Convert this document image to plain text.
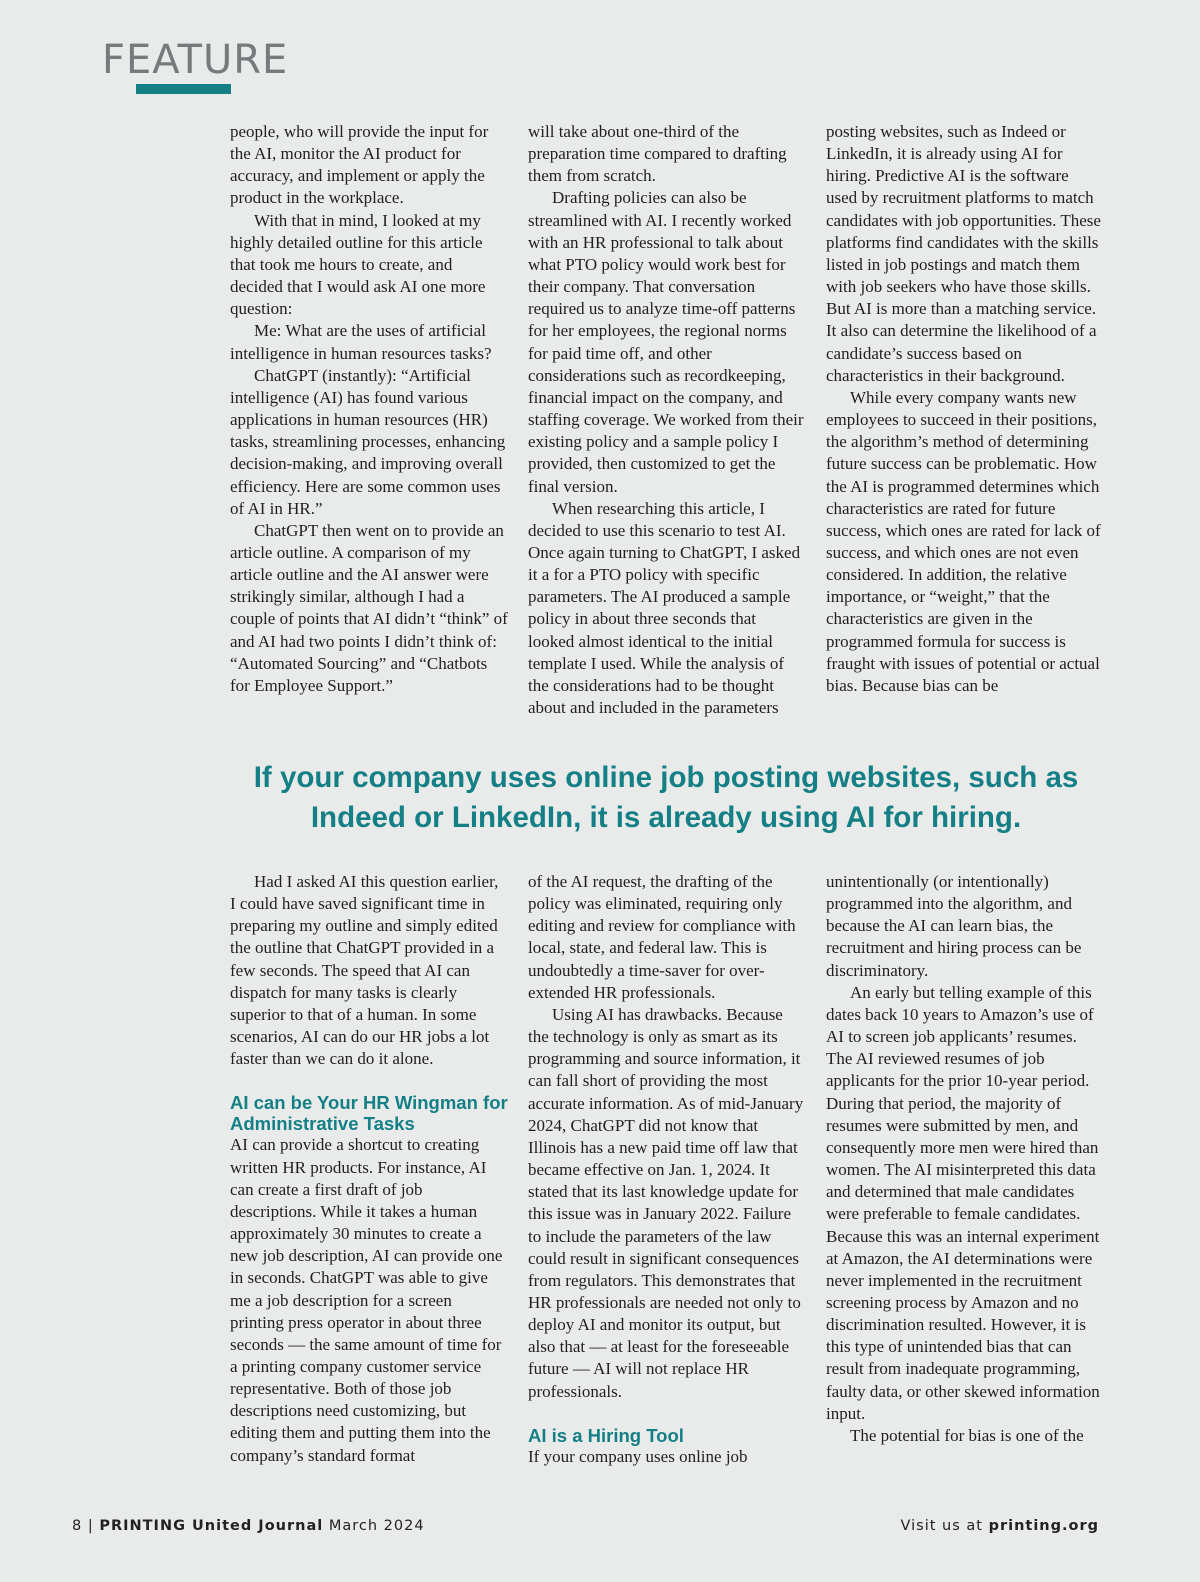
FEATURE

people, who will provide the input for the AI, monitor the AI product for accuracy, and implement or apply the product in the workplace.

With that in mind, I looked at my highly detailed outline for this article that took me hours to create, and decided that I would ask AI one more question:

Me: What are the uses of artificial intelligence in human resources tasks?

ChatGPT (instantly): “Artificial intelligence (AI) has found various applications in human resources (HR) tasks, streamlining processes, enhancing decision-making, and improving overall efficiency. Here are some common uses of AI in HR.”

ChatGPT then went on to provide an article outline. A comparison of my article outline and the AI answer were strikingly similar, although I had a couple of points that AI didn’t “think” of and AI had two points I didn’t think of: “Automated Sourcing” and “Chatbots for Employee Support.”

will take about one-third of the preparation time compared to drafting them from scratch.

Drafting policies can also be streamlined with AI. I recently worked with an HR professional to talk about what PTO policy would work best for their company. That conversation required us to analyze time-off patterns for her employees, the regional norms for paid time off, and other considerations such as recordkeeping, financial impact on the company, and staffing coverage. We worked from their existing policy and a sample policy I provided, then customized to get the final version.

When researching this article, I decided to use this scenario to test AI. Once again turning to ChatGPT, I asked it a for a PTO policy with specific parameters. The AI produced a sample policy in about three seconds that looked almost identical to the initial template I used. While the analysis of the considerations had to be thought about and included in the parameters

posting websites, such as Indeed or LinkedIn, it is already using AI for hiring. Predictive AI is the software used by recruitment platforms to match candidates with job opportunities. These platforms find candidates with the skills listed in job postings and match them with job seekers who have those skills. But AI is more than a matching service. It also can determine the likelihood of a candidate’s success based on characteristics in their background.

While every company wants new employees to succeed in their positions, the algorithm’s method of determining future success can be problematic. How the AI is programmed determines which characteristics are rated for future success, which ones are rated for lack of success, and which ones are not even considered. In addition, the relative importance, or “weight,” that the characteristics are given in the programmed formula for success is fraught with issues of potential or actual bias. Because bias can be

If your company uses online job posting websites, such as Indeed or LinkedIn, it is already using AI for hiring.

Had I asked AI this question earlier, I could have saved significant time in preparing my outline and simply edited the outline that ChatGPT provided in a few seconds. The speed that AI can dispatch for many tasks is clearly superior to that of a human. In some scenarios, AI can do our HR jobs a lot faster than we can do it alone.

AI can be Your HR Wingman for Administrative Tasks

AI can provide a shortcut to creating written HR products. For instance, AI can create a first draft of job descriptions. While it takes a human approximately 30 minutes to create a new job description, AI can provide one in seconds. ChatGPT was able to give me a job description for a screen printing press operator in about three seconds — the same amount of time for a printing company customer service representative. Both of those job descriptions need customizing, but editing them and putting them into the company’s standard format

of the AI request, the drafting of the policy was eliminated, requiring only editing and review for compliance with local, state, and federal law. This is undoubtedly a time-saver for over-extended HR professionals.

Using AI has drawbacks. Because the technology is only as smart as its programming and source information, it can fall short of providing the most accurate information. As of mid-January 2024, ChatGPT did not know that Illinois has a new paid time off law that became effective on Jan. 1, 2024. It stated that its last knowledge update for this issue was in January 2022. Failure to include the parameters of the law could result in significant consequences from regulators. This demonstrates that HR professionals are needed not only to deploy AI and monitor its output, but also that — at least for the foreseeable future — AI will not replace HR professionals.

AI is a Hiring Tool

If your company uses online job

unintentionally (or intentionally) programmed into the algorithm, and because the AI can learn bias, the recruitment and hiring process can be discriminatory.

An early but telling example of this dates back 10 years to Amazon’s use of AI to screen job applicants’ resumes. The AI reviewed resumes of job applicants for the prior 10-year period. During that period, the majority of resumes were submitted by men, and consequently more men were hired than women. The AI misinterpreted this data and determined that male candidates were preferable to female candidates. Because this was an internal experiment at Amazon, the AI determinations were never implemented in the recruitment screening process by Amazon and no discrimination resulted. However, it is this type of unintended bias that can result from inadequate programming, faulty data, or other skewed information input.

The potential for bias is one of the

8 | PRINTING United Journal March 2024	Visit us at printing.org
